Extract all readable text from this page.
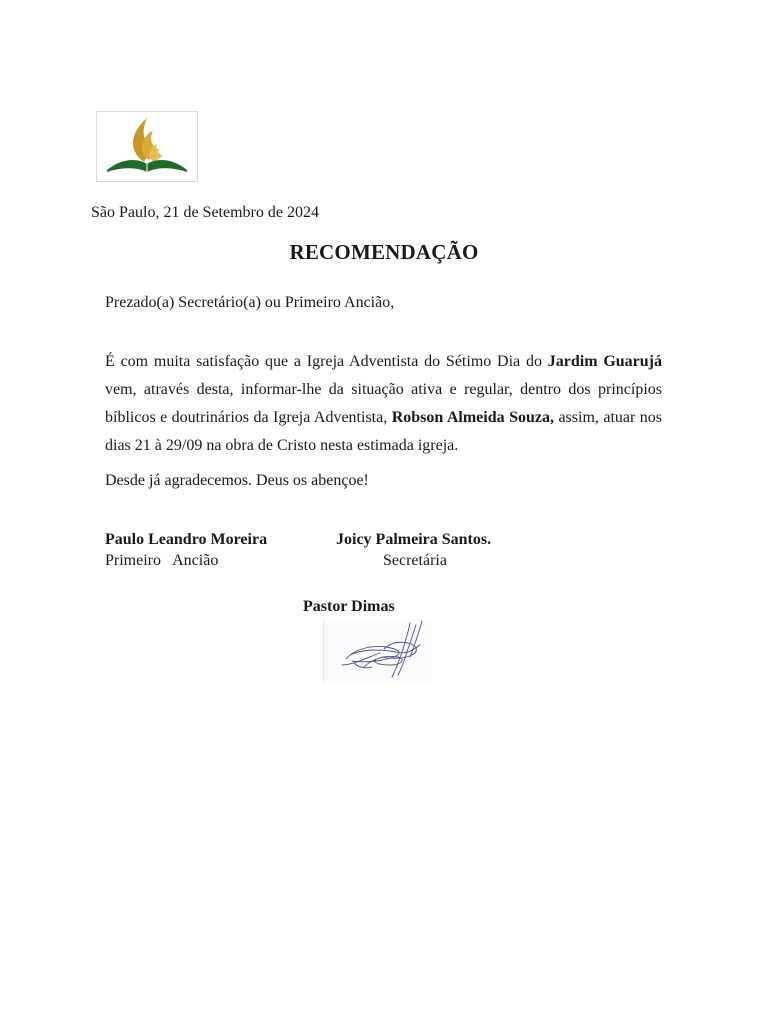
São Paulo, 21 de Setembro de 2024
RECOMENDAÇÃO
Prezado(a) Secretário(a) ou Primeiro Ancião,

É com muita satisfação que a Igreja Adventista do Sétimo Dia do Jardim Guarujá vem, através desta, informar-lhe da situação ativa e regular, dentro dos princípios bíblicos e doutrinários da Igreja Adventista, Robson Almeida Souza, assim, atuar nos dias 21 à 29/09 na obra de Cristo nesta estimada igreja.

Desde já agradecemos. Deus os abençoe!
Paulo Leandro Moreira
Primeiro   Ancião
Joicy Palmeira Santos.
Secretária
Pastor Dimas
